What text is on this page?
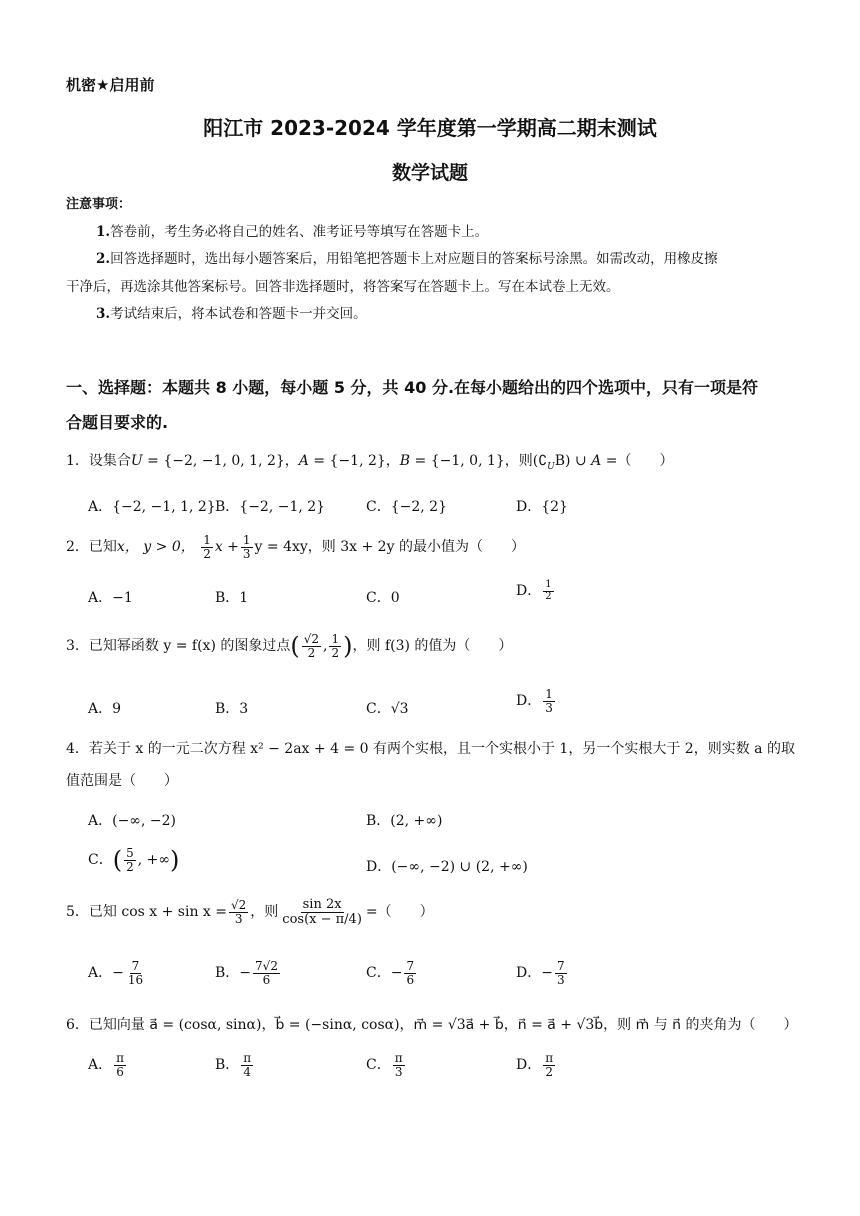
机密★启用前
阳江市 2023-2024 学年度第一学期高二期末测试
数学试题
注意事项：
1.答卷前，考生务必将自己的姓名、准考证号等填写在答题卡上。
2.回答选择题时，选出每小题答案后，用铅笔把答题卡上对应题目的答案标号涂黑。如需改动，用橡皮擦
干净后，再选涂其他答案标号。回答非选择题时，将答案写在答题卡上。写在本试卷上无效。
3.考试结束后，将本试卷和答题卡一并交回。
一、选择题：本题共 8 小题，每小题 5 分，共 40 分.在每小题给出的四个选项中，只有一项是符
合题目要求的.
1．设集合U = {−2, −1, 0, 1, 2}，A = {−1, 2}，B = {−1, 0, 1}，则$(∁_UB)$ ∪ A =（　　）
A．{−2, −1, 1, 2} B．{−2, −1, 2}	C．{−2, 2}	D．{2}
2．已知x， y > 0， $\frac{1}{2}$ $x + \frac{1}{3}$ y = 4xy，则 3x + 2y 的最小值为（　　）
A．−1	B．1	C．0	D． $\frac{1}{2}$
3．已知幂函数 y = f(x) 的图象过点( $\frac{√2}{2}$ , $\frac{1}{2}$ )，则 f(3) 的值为（　　）
A．9	B．3	C．√3	D． $\frac{1}{3}$
4．若关于 x 的一元二次方程 x² − 2ax + 4 = 0 有两个实根，且一个实根小于 1，另一个实根大于 2，则实数 a 的取
值范围是（　　）
A．(−∞, −2)	B．(2, +∞)
C．( $\frac{5}{2}$ , +∞)	D．(−∞, −2) ∪ (2, +∞)
5．已知 $\cos x + \sin x = \frac{√2}{3}$ ，则 $\frac{\sin 2x}{\cos(x - \pi/4)}$ =（　　）
A．− $\frac{7}{16}$	B．− $\frac{7√2}{6}$	C．− $\frac{7}{6}$	D．− $\frac{7}{3}$
6．已知向量 a⃗ = (cosα, sinα)，b⃗ = (−sinα, cosα)，m⃗ = √3a⃗ + b⃗，n⃗ = a⃗ + √3b⃗，则 m⃗ 与 n⃗ 的夹角为（　　）
A． $\frac{\pi}{6}$	B． $\frac{\pi}{4}$	C． $\frac{\pi}{3}$	D． $\frac{\pi}{2}$
